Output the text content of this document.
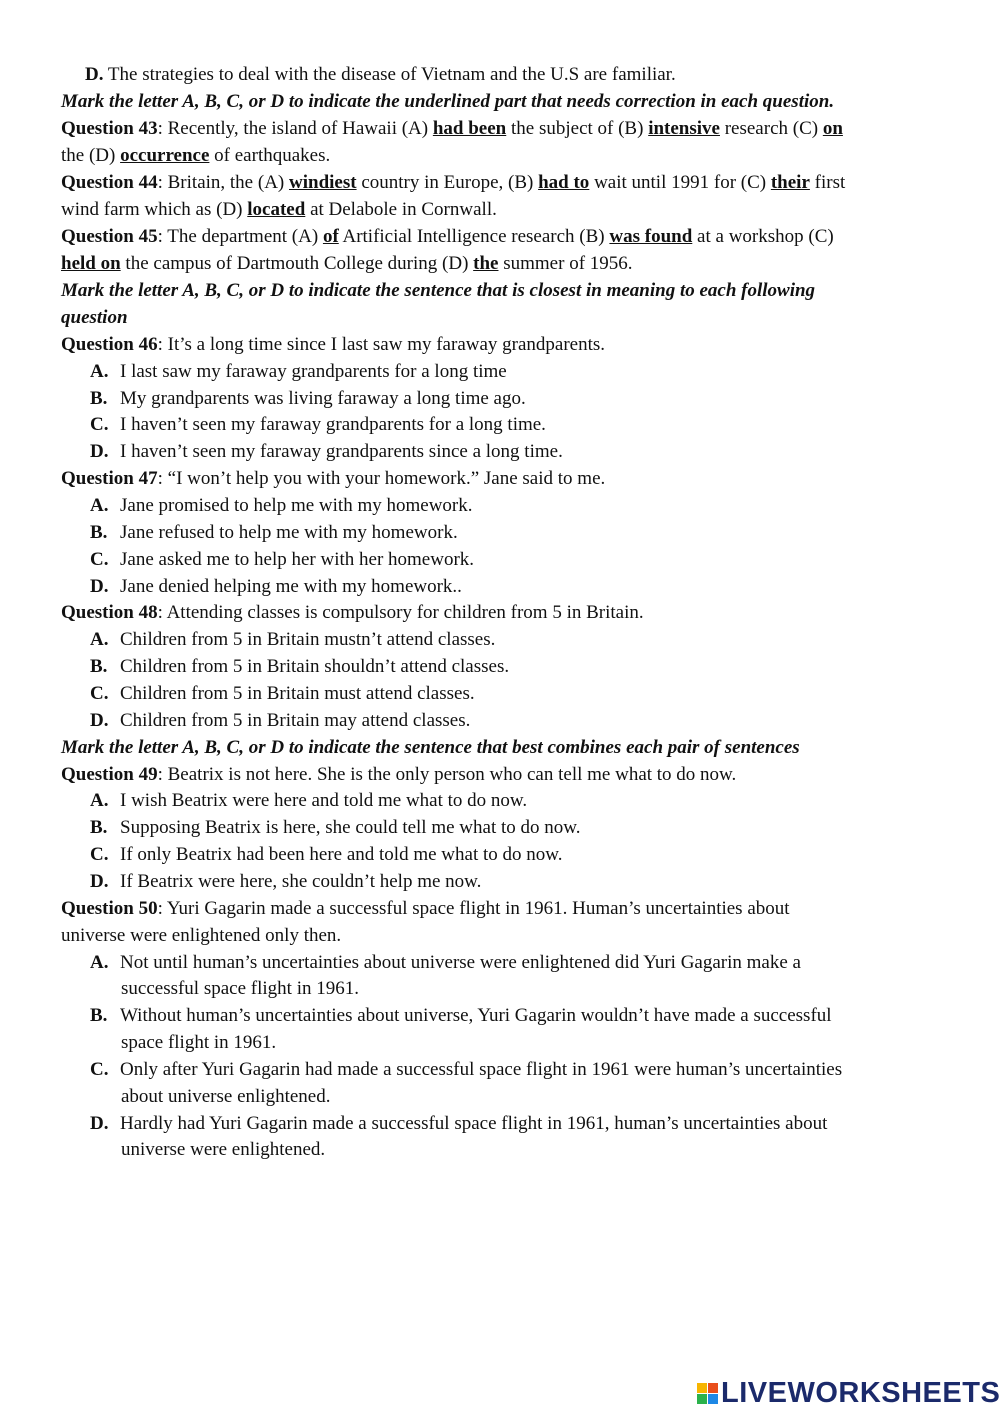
D. The strategies to deal with the disease of Vietnam and the U.S are familiar.
Mark the letter A, B, C, or D to indicate the underlined part that needs correction in each question.
Question 43: Recently, the island of Hawaii (A) had been the subject of (B) intensive research (C) on
the (D) occurrence of earthquakes.
Question 44: Britain, the (A) windiest country in Europe, (B) had to wait until 1991 for (C) their first
wind farm which as (D) located at Delabole in Cornwall.
Question 45: The department (A) of Artificial Intelligence research (B) was found at a workshop (C)
held on the campus of Dartmouth College during (D) the summer of 1956.
Mark the letter A, B, C, or D to indicate the sentence that is closest in meaning to each following
question
Question 46: It’s a long time since I last saw my faraway grandparents.
A. I last saw my faraway grandparents for a long time
B. My grandparents was living faraway a long time ago.
C. I haven’t seen my faraway grandparents for a long time.
D. I haven’t seen my faraway grandparents since a long time.
Question 47: “I won’t help you with your homework.” Jane said to me.
A. Jane promised to help me with my homework.
B. Jane refused to help me with my homework.
C. Jane asked me to help her with her homework.
D. Jane denied helping me with my homework..
Question 48: Attending classes is compulsory for children from 5 in Britain.
A. Children from 5 in Britain mustn’t attend classes.
B. Children from 5 in Britain shouldn’t attend classes.
C. Children from 5 in Britain must attend classes.
D. Children from 5 in Britain may attend classes.
Mark the letter A, B, C, or D to indicate the sentence that best combines each pair of sentences
Question 49: Beatrix is not here. She is the only person who can tell me what to do now.
A. I wish Beatrix were here and told me what to do now.
B. Supposing Beatrix is here, she could tell me what to do now.
C. If only Beatrix had been here and told me what to do now.
D. If Beatrix were here, she couldn’t help me now.
Question 50: Yuri Gagarin made a successful space flight in 1961. Human’s uncertainties about
universe were enlightened only then.
A. Not until human’s uncertainties about universe were enlightened did Yuri Gagarin make a
successful space flight in 1961.
B. Without human’s uncertainties about universe, Yuri Gagarin wouldn’t have made a successful
space flight in 1961.
C. Only after Yuri Gagarin had made a successful space flight in 1961 were human’s uncertainties
about universe enlightened.
D. Hardly had Yuri Gagarin made a successful space flight in 1961, human’s uncertainties about
universe were enlightened.
LIVEWORKSHEETS
